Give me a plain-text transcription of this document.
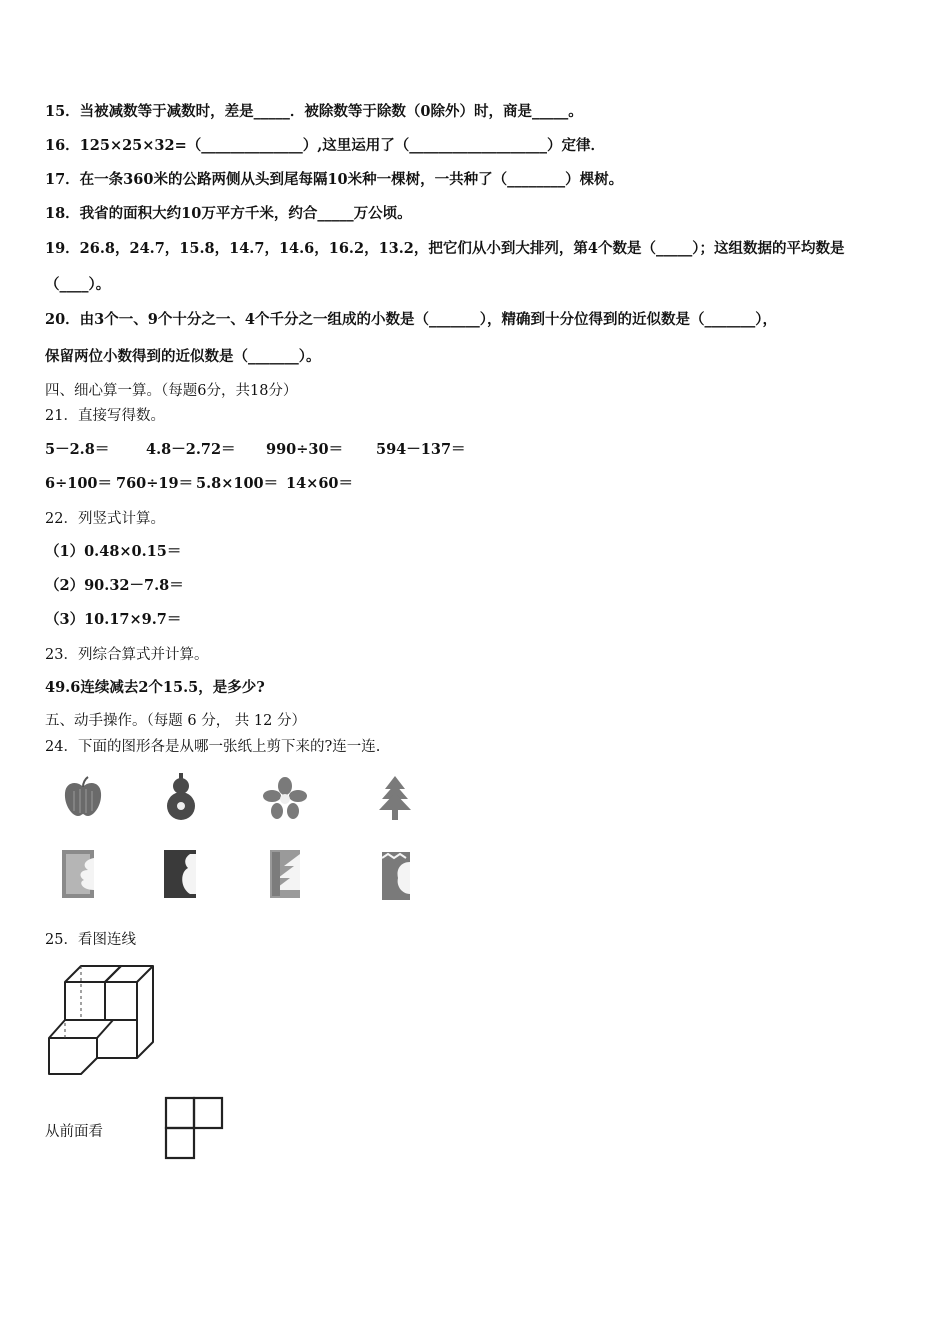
15．当被减数等于减数时，差是_____．被除数等于除数（0除外）时，商是_____。
16．125×25×32=（______________）,这里运用了（___________________）定律．
17．在一条360米的公路两侧从头到尾每隔10米种一棵树，一共种了（________）棵树。
18．我省的面积大约10万平方千米，约合_____万公顷。
19．26.8，24.7，15.8，14.7，14.6，16.2，13.2，把它们从小到大排列，第4个数是（_____）；这组数据的平均数是
（____）。
20．由3个一、9个十分之一、4个千分之一组成的小数是（_______），精确到十分位得到的近似数是（_______），
保留两位小数得到的近似数是（_______）。
四、细心算一算。（每题6分，共18分）
21．直接写得数。
5－2.8＝	4.8－2.72＝ 990÷30＝ 594－137＝
6÷100＝ 760÷19＝ 5.8×100＝ 14×60＝
22．列竖式计算。
（1）0.48×0.15＝
（2）90.32－7.8＝
（3）10.17×9.7＝
23．列综合算式并计算。
49.6连续减去2个15.5，是多少?
五、动手操作。（每题 6 分， 共 12 分）
24．下面的图形各是从哪一张纸上剪下来的?连一连.
25．看图连线
从前面看
